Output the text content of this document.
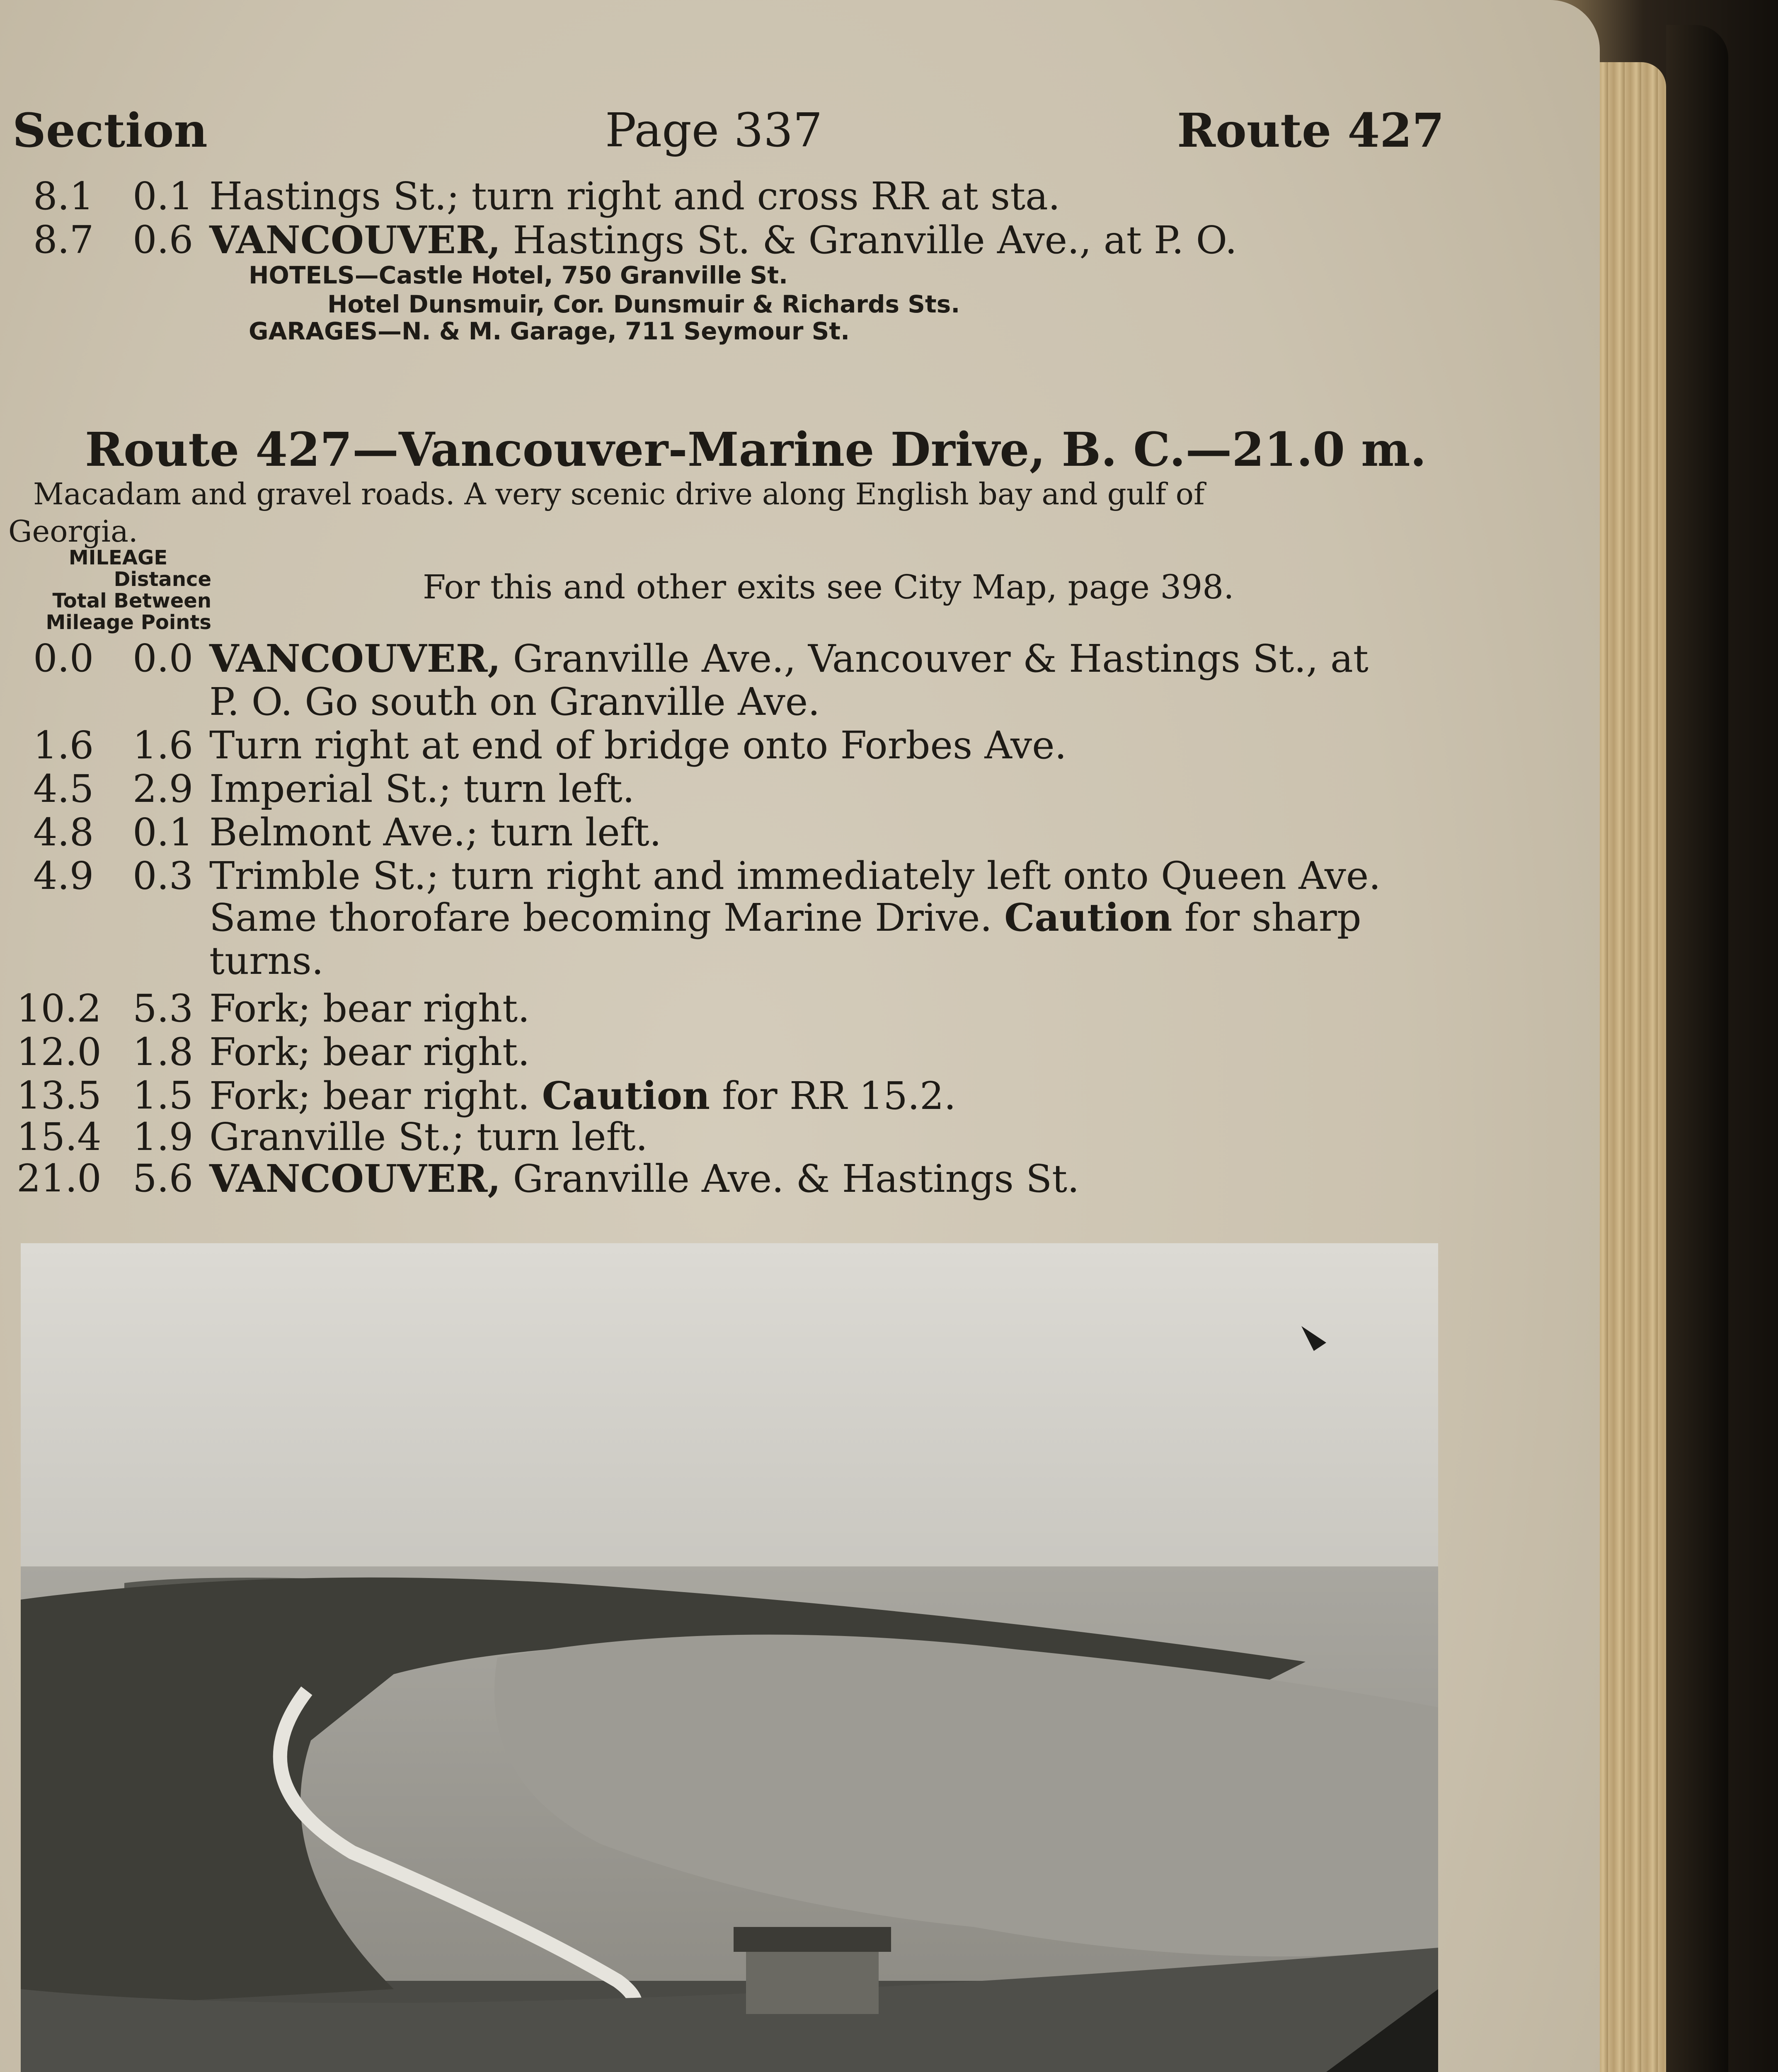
Section	Page 337	Route 427
8.1 0.1 Hastings St.; turn right and cross RR at sta.
8.7 0.6 VANCOUVER, Hastings St. & Granville Ave., at P. O.
HOTELS—Castle Hotel, 750 Granville St.
Hotel Dunsmuir, Cor. Dunsmuir & Richards Sts.
GARAGES—N. & M. Garage, 711 Seymour St.
Route 427—Vancouver-Marine Drive, B. C.—21.0 m.
Macadam and gravel roads. A very scenic drive along English bay and gulf of
Georgia.
MILEAGE
Distance
Total Between
Mileage Points
For this and other exits see City Map, page 398.
0.0 0.0 VANCOUVER, Granville Ave., Vancouver & Hastings St., at
P. O. Go south on Granville Ave.
1.6 1.6 Turn right at end of bridge onto Forbes Ave.
4.5 2.9 Imperial St.; turn left.
4.8 0.1 Belmont Ave.; turn left.
4.9 0.3 Trimble St.; turn right and immediately left onto Queen Ave.
Same thorofare becoming Marine Drive. Caution for sharp
turns.
10.2 5.3 Fork; bear right.
12.0 1.8 Fork; bear right.
13.5 1.5 Fork; bear right. Caution for RR 15.2.
15.4 1.9 Granville St.; turn left.
21.0 5.6 VANCOUVER, Granville Ave. & Hastings St.
